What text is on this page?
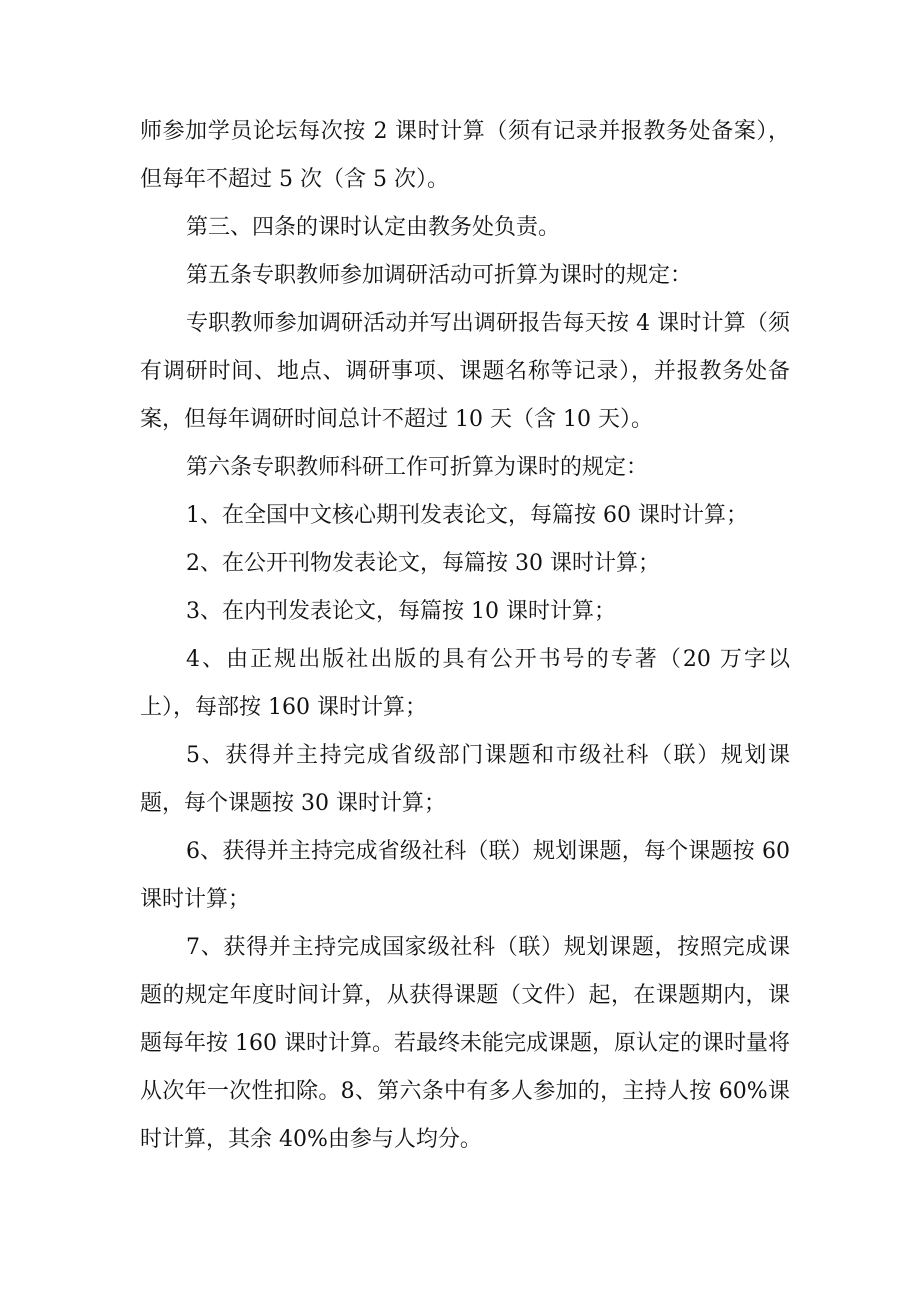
师参加学员论坛每次按 2 课时计算（须有记录并报教务处备案），但每年不超过 5 次（含 5 次）。

第三、四条的课时认定由教务处负责。

第五条专职教师参加调研活动可折算为课时的规定：

专职教师参加调研活动并写出调研报告每天按 4 课时计算（须有调研时间、地点、调研事项、课题名称等记录），并报教务处备案，但每年调研时间总计不超过 10 天（含 10 天）。

第六条专职教师科研工作可折算为课时的规定：

1、在全国中文核心期刊发表论文，每篇按 60 课时计算；

2、在公开刊物发表论文，每篇按 30 课时计算；

3、在内刊发表论文，每篇按 10 课时计算；

4、由正规出版社出版的具有公开书号的专著（20 万字以上），每部按 160 课时计算；

5、获得并主持完成省级部门课题和市级社科（联）规划课题，每个课题按 30 课时计算；

6、获得并主持完成省级社科（联）规划课题，每个课题按 60 课时计算；

7、获得并主持完成国家级社科（联）规划课题，按照完成课题的规定年度时间计算，从获得课题（文件）起，在课题期内，课题每年按 160 课时计算。若最终未能完成课题，原认定的课时量将从次年一次性扣除。8、第六条中有多人参加的，主持人按 60%课时计算，其余 40%由参与人均分。
